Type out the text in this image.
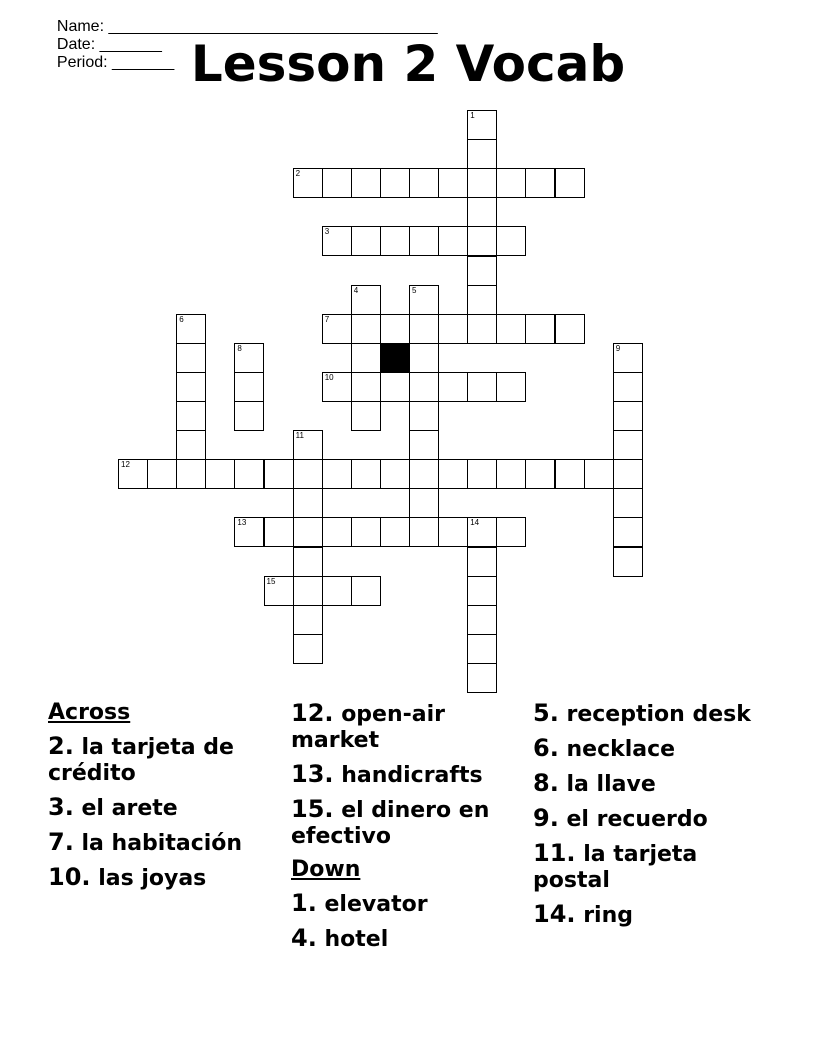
Name: _____________________________________
Date: _______
Period: _______ Lesson 2 Vocab
1
2
3
4	5
6	7
8	9
10
11
12
13	14
15
Across
2. la tarjeta de crédito
3. el arete
7. la habitación
10. las joyas
12. open-air market
13. handicrafts
15. el dinero en efectivo
Down
1. elevator
4. hotel
5. reception desk
6. necklace
8. la llave
9. el recuerdo
11. la tarjeta postal
14. ring
